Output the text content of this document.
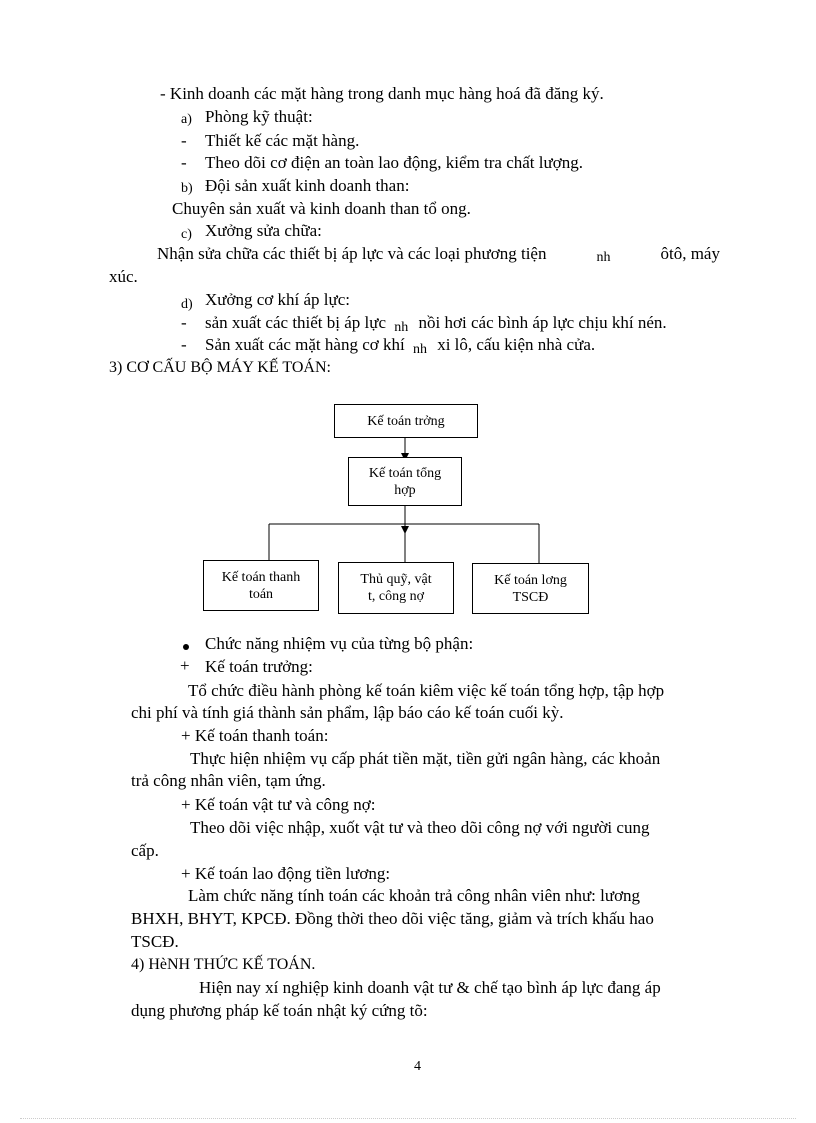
- Kinh doanh các mặt hàng trong danh mục hàng hoá đã đăng ký.
a) Phòng kỹ thuật:
- Thiết kế các mặt hàng.
- Theo dõi cơ điện an toàn lao động, kiểm tra chất lượng.
b) Đội sản xuất kinh doanh than:
Chuyên sản xuất và kinh doanh than tổ ong.
c) Xưởng sửa chữa:
Nhận sửa chữa các thiết bị áp lực và các loại phương tiện	nh	ôtô, máy
xúc.
d) Xưởng cơ khí áp lực:
- sản xuất các thiết bị áp lực nh nồi hơi các bình áp lực chịu khí nén.
- Sản xuất các mặt hàng cơ khí nh xi lô, cấu kiện nhà cửa.
3) CƠ CẤU BỘ MÁY KẾ TOÁN:
Kế toán trởng
Kế toán tổng
hợp
Kế toán thanh
toán
Thủ quỹ, vật
t, công nợ
Kế toán lơng
TSCĐ
Chức năng nhiệm vụ của từng bộ phận:
+ Kế toán trưởng:
Tổ chức điều hành phòng kế toán kiêm việc kế toán tổng hợp, tập hợp
chi phí và tính giá thành sản phẩm, lập báo cáo kế toán cuối kỳ.
+ Kế toán thanh toán:
Thực hiện nhiệm vụ cấp phát tiền mặt, tiền gửi ngân hàng, các khoản
trả công nhân viên, tạm ứng.
+ Kế toán vật tư và công nợ:
Theo dõi việc nhập, xuốt vật tư và theo dõi công nợ với người cung
cấp.
+ Kế toán lao động tiền lương:
Làm chức năng tính toán các khoản trả công nhân viên như: lương
BHXH, BHYT, KPCĐ. Đồng thời theo dõi việc tăng, giảm và trích khấu hao
TSCĐ.
4) HèNH THỨC KẾ TOÁN.
Hiện nay xí nghiệp kinh doanh vật tư & chế tạo bình áp lực đang áp
dụng phương pháp kế toán nhật ký cứng tõ:
4
